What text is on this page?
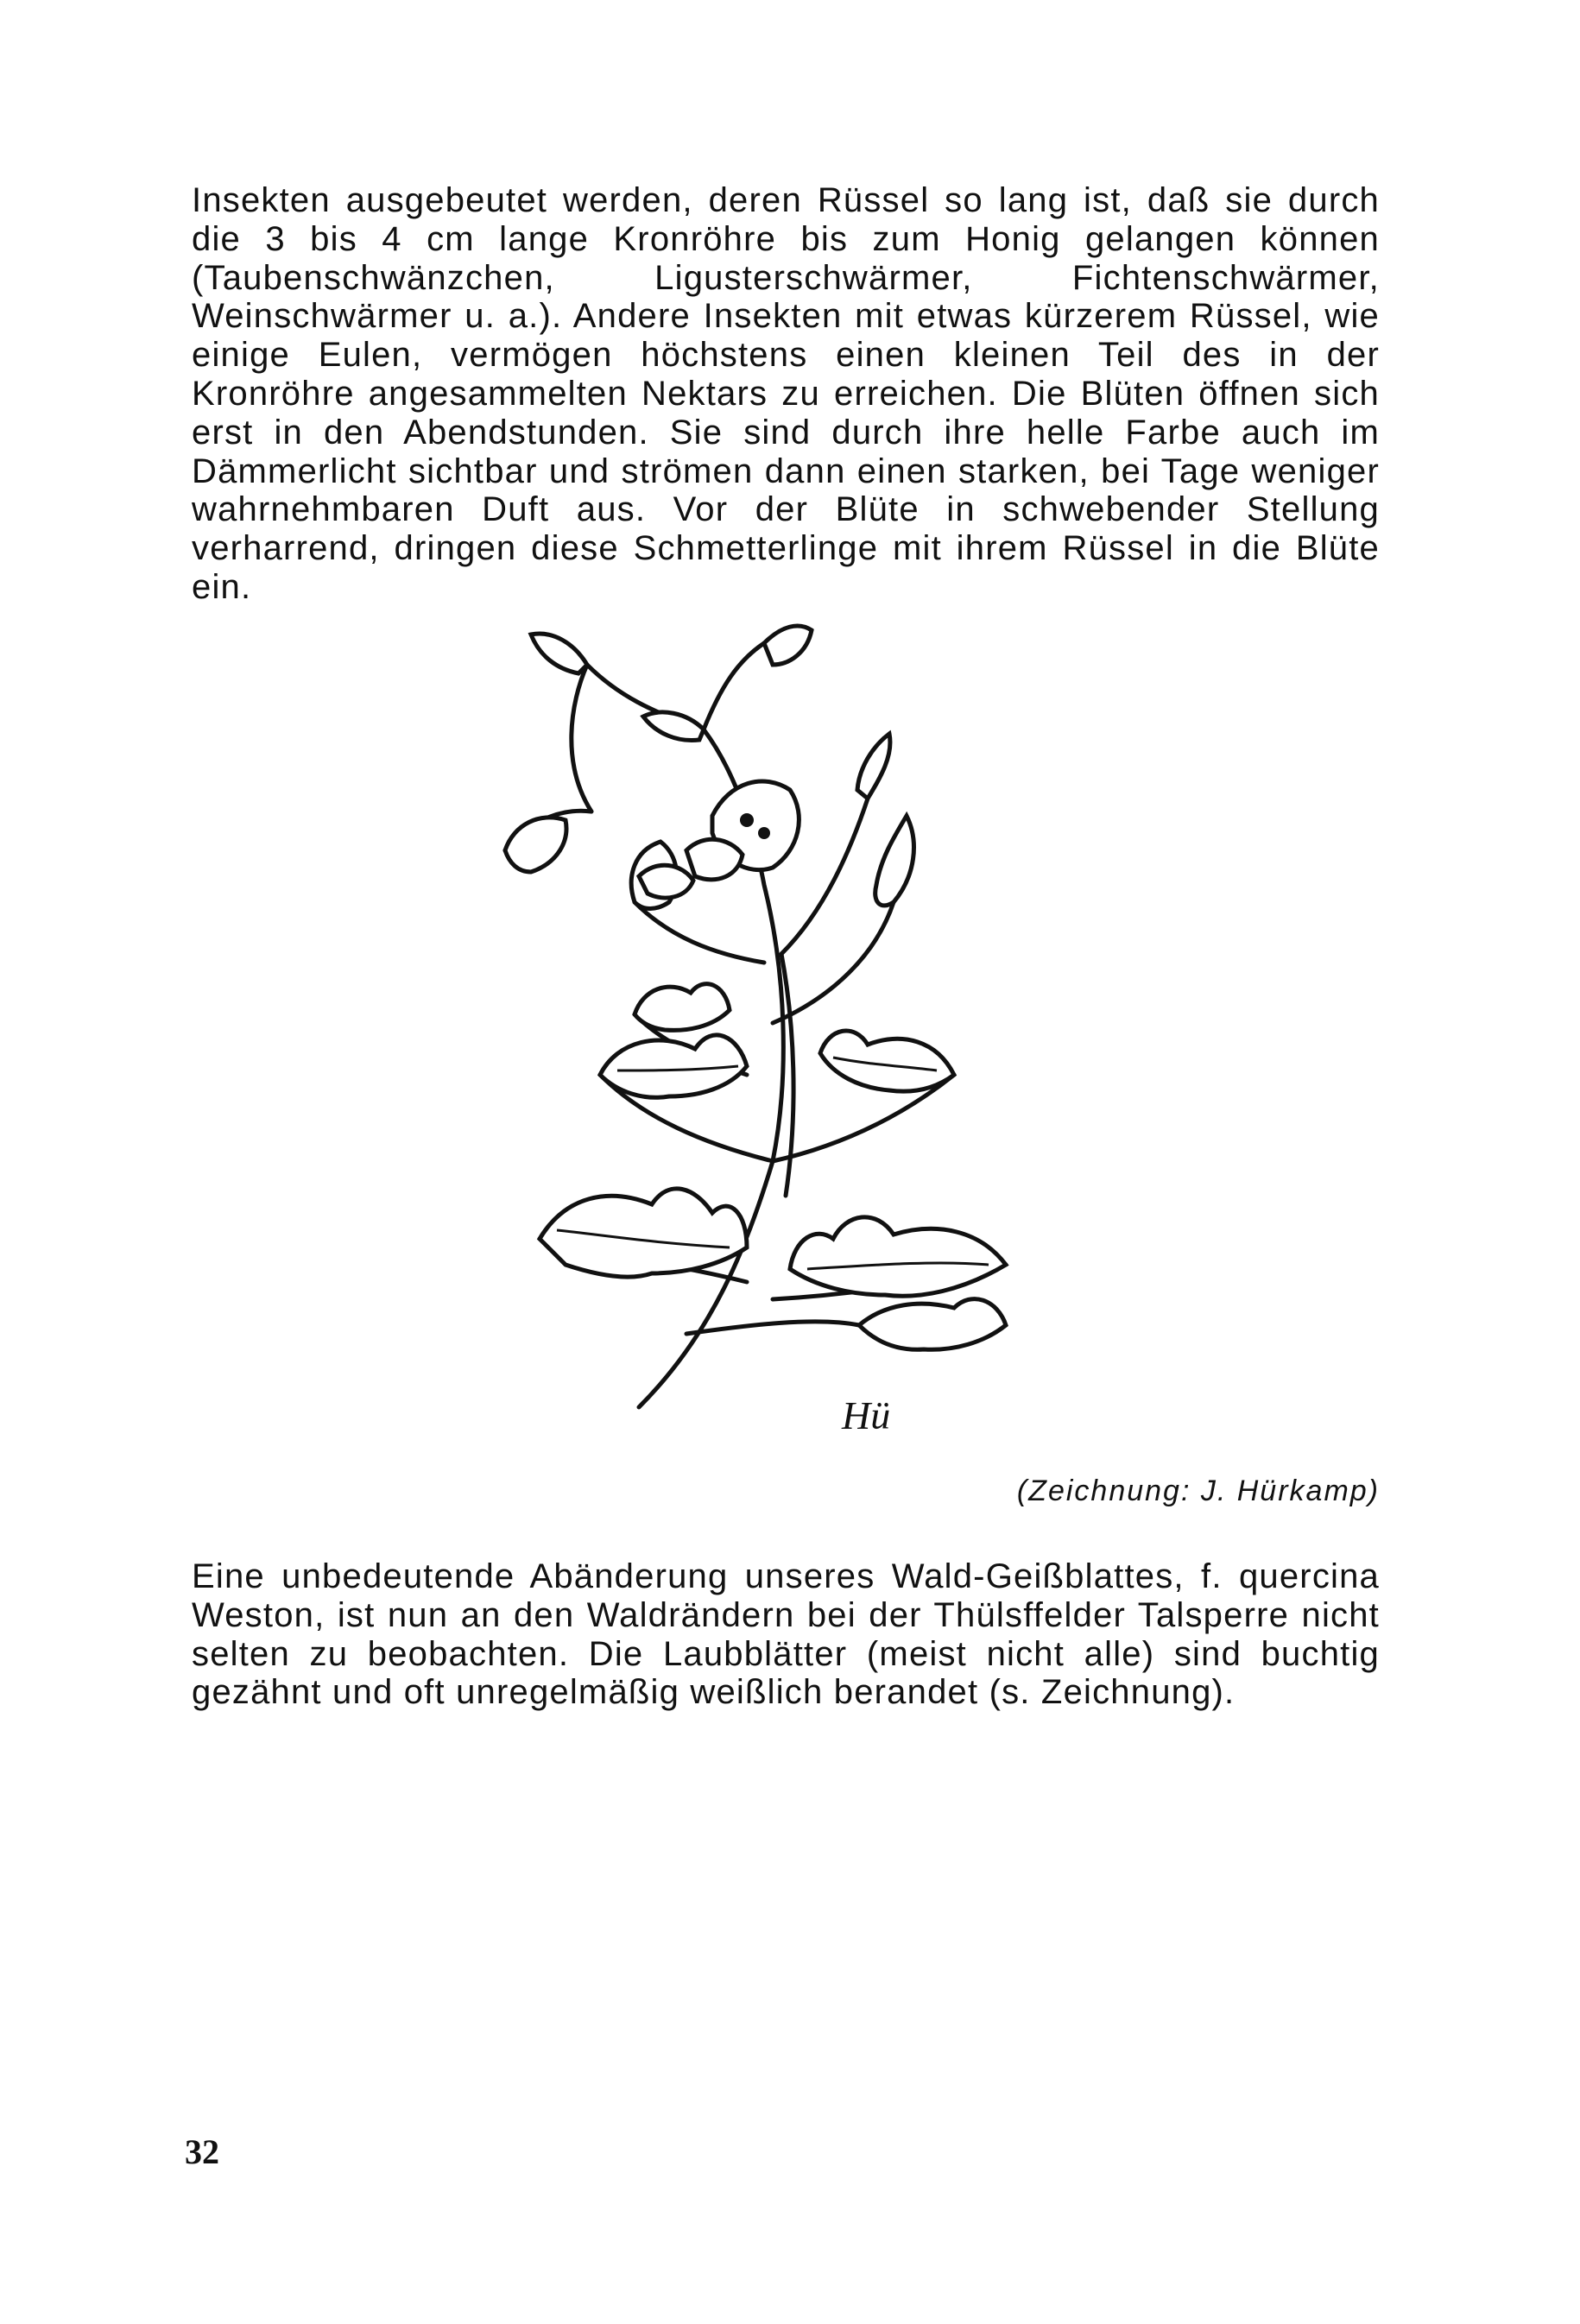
Insekten ausgebeutet werden, deren Rüssel so lang ist, daß sie durch die 3 bis 4 cm lange Kronröhre bis zum Honig gelangen können (Taubenschwänzchen, Ligusterschwärmer, Fichtenschwärmer, Weinschwärmer u. a.). Andere Insekten mit etwas kürzerem Rüssel, wie einige Eulen, vermögen höchstens einen kleinen Teil des in der Kronröhre angesammelten Nektars zu erreichen. Die Blüten öffnen sich erst in den Abendstunden. Sie sind durch ihre helle Farbe auch im Dämmerlicht sichtbar und strömen dann einen starken, bei Tage weniger wahrnehmbaren Duft aus. Vor der Blüte in schwebender Stellung verharrend, dringen diese Schmetterlinge mit ihrem Rüssel in die Blüte ein.

Hü
(Zeichnung: J. Hürkamp)

Eine unbedeutende Abänderung unseres Wald-Geißblattes, f. quercina Weston, ist nun an den Waldrändern bei der Thülsffelder Talsperre nicht selten zu beobachten. Die Laubblätter (meist nicht alle) sind buchtig gezähnt und oft unregelmäßig weißlich berandet (s. Zeichnung).

32
